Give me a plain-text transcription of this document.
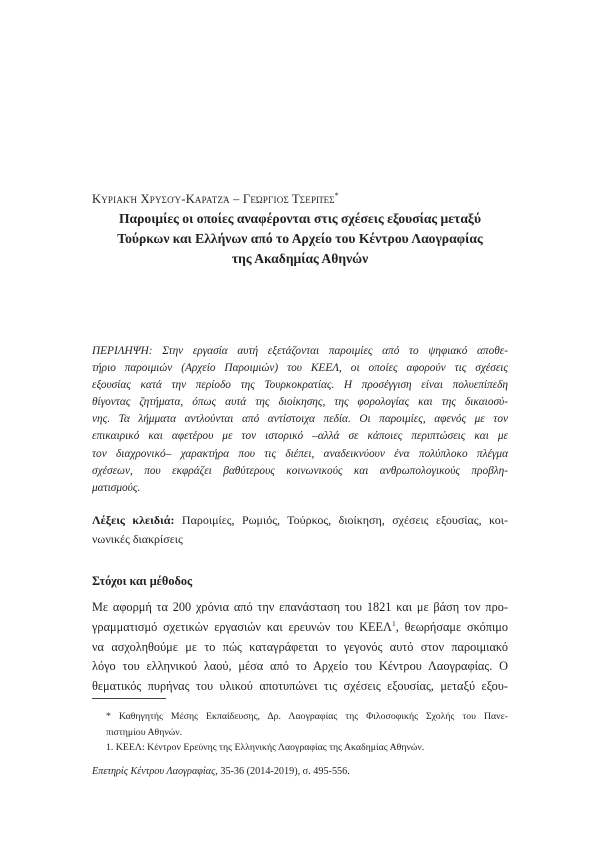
Κυριακή Χρυσού-Καρατζά – Γεώργιος Τσερπές*
Παροιμίες οι οποίες αναφέρονται στις σχέσεις εξουσίας μεταξύ
Τούρκων και Ελλήνων από το Αρχείο του Κέντρου Λαογραφίας
της Ακαδημίας Αθηνών
ΠΕΡΙΛΗΨΗ: Στην εργασία αυτή εξετάζονται παροιμίες από το ψηφιακό αποθε-
τήριο παροιμιών (Αρχείο Παροιμιών) του ΚΕΕΛ, οι οποίες αφορούν τις σχέσεις
εξουσίας κατά την περίοδο της Τουρκοκρατίας. Η προσέγγιση είναι πολυεπίπεδη
θίγοντας ζητήματα, όπως αυτά της διοίκησης, της φορολογίας και της δικαιοσύ-
νης. Τα λήμματα αντλούνται από αντίστοιχα πεδία. Οι παροιμίες, αφενός με τον
επικαιρικό και αφετέρου με τον ιστορικό –αλλά σε κάποιες περιπτώσεις και με
τον διαχρονικό– χαρακτήρα που τις διέπει, αναδεικνύουν ένα πολύπλοκο πλέγμα
σχέσεων, που εκφράζει βαθύτερους κοινωνικούς και ανθρωπολογικούς προβλη-
ματισμούς.
Λέξεις κλειδιά: Παροιμίες, Ρωμιός, Τούρκος, διοίκηση, σχέσεις εξουσίας, κοι-
νωνικές διακρίσεις
Στόχοι και μέθοδος
Με αφορμή τα 200 χρόνια από την επανάσταση του 1821 και με βάση τον προ-
γραμματισμό σχετικών εργασιών και ερευνών του ΚΕΕΛ$^1$, θεωρήσαμε σκόπιμο
να ασχοληθούμε με το πώς καταγράφεται το γεγονός αυτό στον παροιμιακό
λόγο του ελληνικού λαού, μέσα από το Αρχείο του Κέντρου Λαογραφίας. Ο
θεματικός πυρήνας του υλικού αποτυπώνει τις σχέσεις εξουσίας, μεταξύ εξου-
* Καθηγητής Μέσης Εκπαίδευσης, Δρ. Λαογραφίας της Φιλοσοφικής Σχολής του Πανε-
πιστημίου Αθηνών.
1. ΚΕΕΛ: Κέντρον Ερεύνης της Ελληνικής Λαογραφίας της Ακαδημίας Αθηνών.
Επετηρίς Κέντρου Λαογραφίας, 35-36 (2014-2019), σ. 495-556.
